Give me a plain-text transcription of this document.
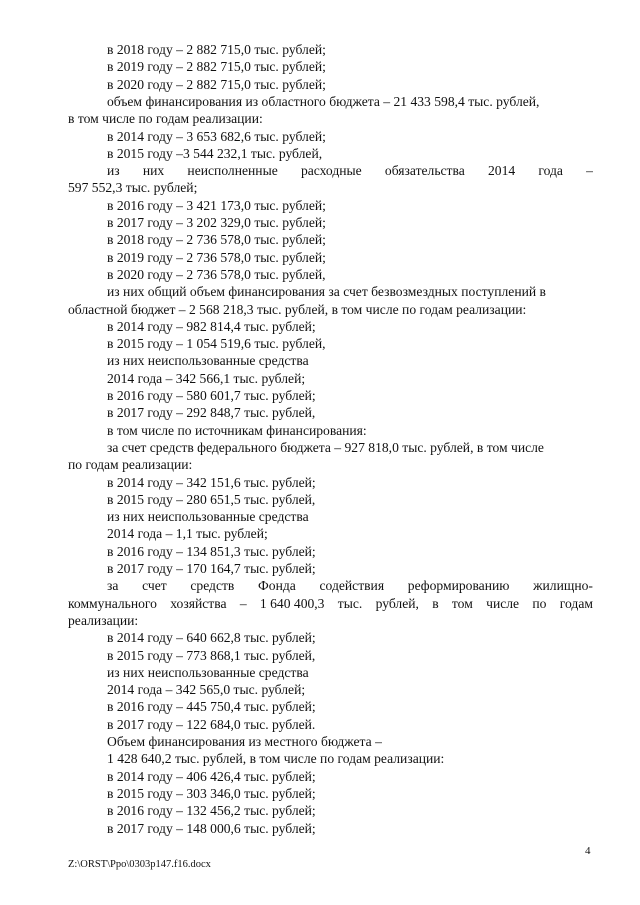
в 2018 году – 2 882 715,0 тыс. рублей;
в 2019 году – 2 882 715,0 тыс. рублей;
в 2020 году – 2 882 715,0 тыс. рублей;
объем финансирования из областного бюджета – 21 433 598,4 тыс. рублей,
в том числе по годам реализации:
в 2014 году – 3 653 682,6 тыс. рублей;
в 2015 году –3 544 232,1 тыс. рублей,
из них неисполненные расходные обязательства 2014 года –
597 552,3 тыс. рублей;
в 2016 году – 3 421 173,0 тыс. рублей;
в 2017 году – 3 202 329,0 тыс. рублей;
в 2018 году – 2 736 578,0 тыс. рублей;
в 2019 году – 2 736 578,0 тыс. рублей;
в 2020 году – 2 736 578,0 тыс. рублей,
из них общий объем финансирования за счет безвозмездных поступлений в
областной бюджет – 2 568 218,3 тыс. рублей, в том числе по годам реализации:
в 2014 году – 982 814,4 тыс. рублей;
в 2015 году – 1 054 519,6 тыс. рублей,
из них неиспользованные средства
2014 года – 342 566,1 тыс. рублей;
в 2016 году – 580 601,7 тыс. рублей;
в 2017 году – 292 848,7 тыс. рублей,
в том числе по источникам финансирования:
за счет средств федерального бюджета – 927 818,0 тыс. рублей, в том числе
по годам реализации:
в 2014 году – 342 151,6 тыс. рублей;
в 2015 году – 280 651,5 тыс. рублей,
из них неиспользованные средства
2014 года – 1,1 тыс. рублей;
в 2016 году – 134 851,3 тыс. рублей;
в 2017 году – 170 164,7 тыс. рублей;
за счет средств Фонда содействия реформированию жилищно-
коммунального хозяйства – 1 640 400,3 тыс. рублей, в том числе по годам
реализации:
в 2014 году – 640 662,8 тыс. рублей;
в 2015 году – 773 868,1 тыс. рублей,
из них неиспользованные средства
2014 года – 342 565,0 тыс. рублей;
в 2016 году – 445 750,4 тыс. рублей;
в 2017 году – 122 684,0 тыс. рублей.
Объем финансирования из местного бюджета –
1 428 640,2 тыс. рублей, в том числе по годам реализации:
в 2014 году – 406 426,4 тыс. рублей;
в 2015 году – 303 346,0 тыс. рублей;
в 2016 году – 132 456,2 тыс. рублей;
в 2017 году – 148 000,6 тыс. рублей;
4
Z:\ORST\Ppo\0303p147.f16.docx
